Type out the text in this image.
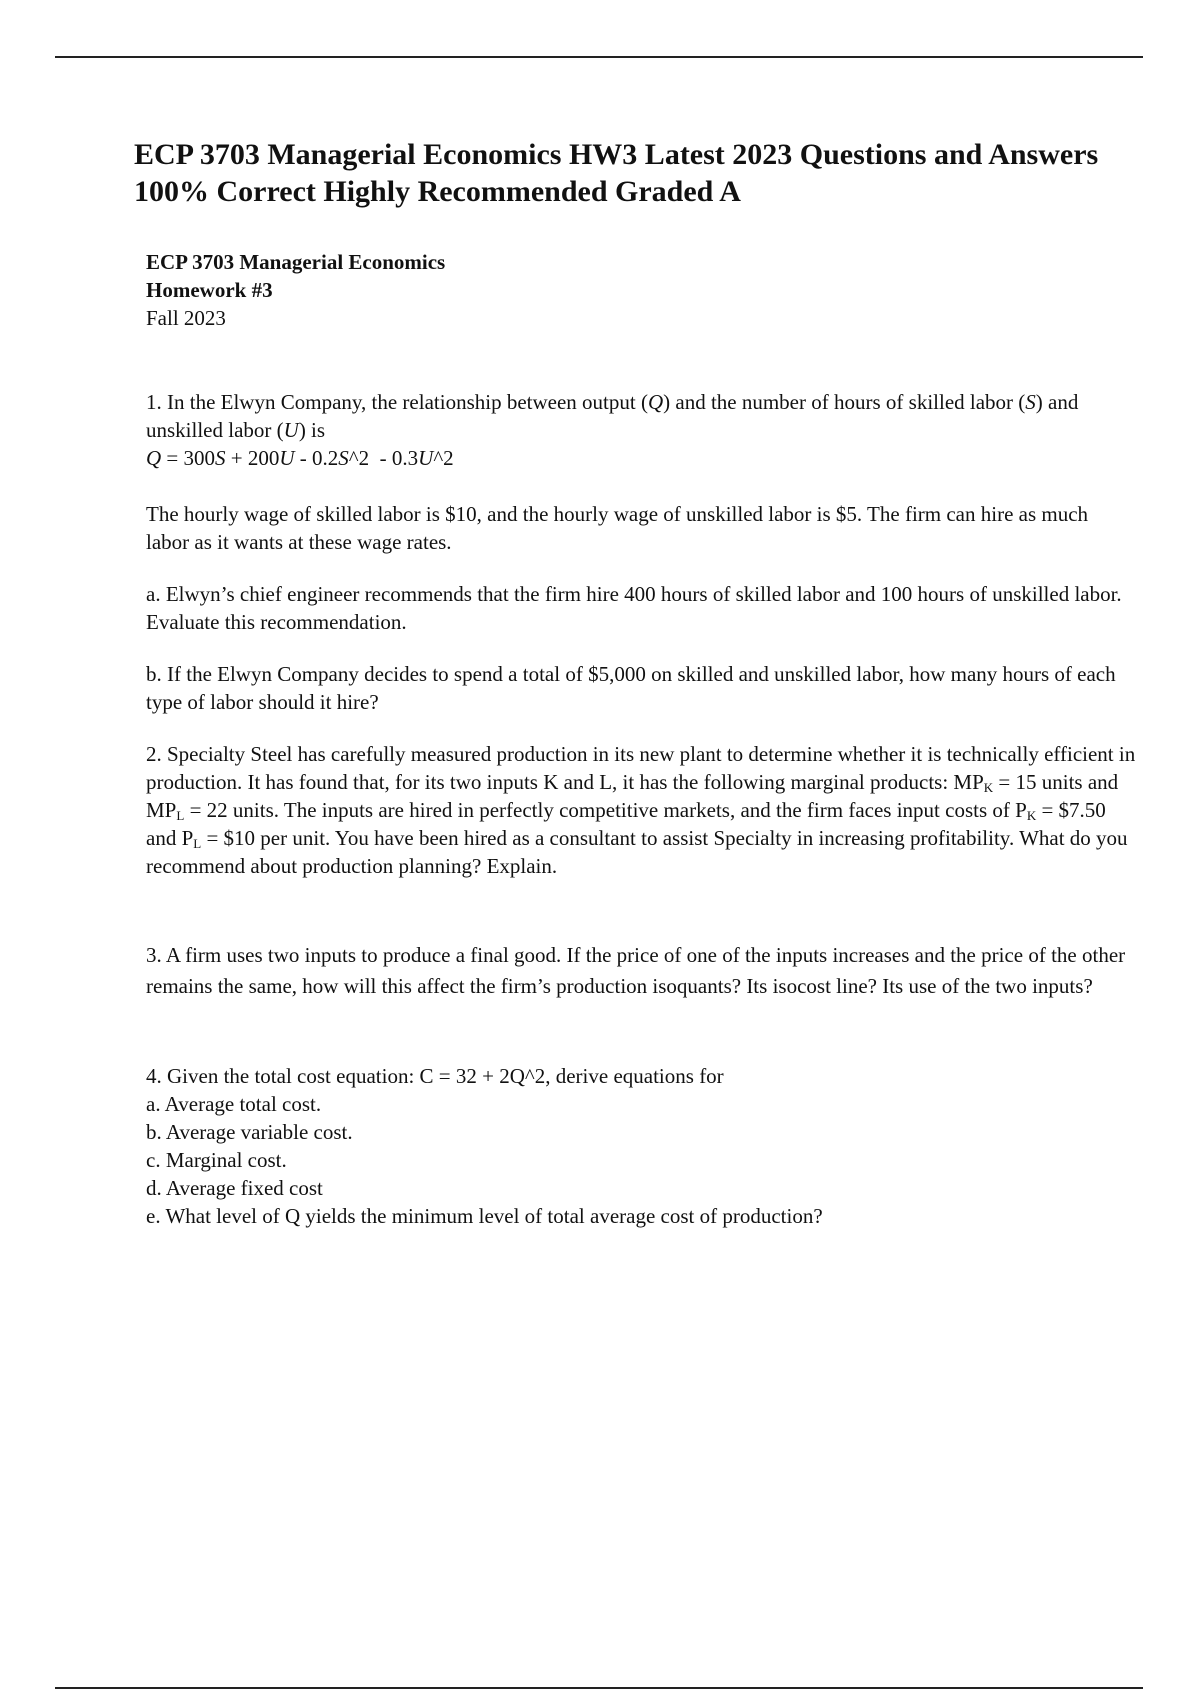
ECP 3703 Managerial Economics HW3 Latest 2023 Questions and Answers 100% Correct Highly Recommended Graded A
ECP 3703 Managerial Economics
Homework #3
Fall 2023

1. In the Elwyn Company, the relationship between output (Q) and the number of hours of skilled labor (S) and unskilled labor (U) is
Q = 300S + 200U - 0.2S^2  - 0.3U^2

The hourly wage of skilled labor is $10, and the hourly wage of unskilled labor is $5. The firm can hire as much labor as it wants at these wage rates.

a. Elwyn’s chief engineer recommends that the firm hire 400 hours of skilled labor and 100 hours of unskilled labor. Evaluate this recommendation.

b. If the Elwyn Company decides to spend a total of $5,000 on skilled and unskilled labor, how many hours of each type of labor should it hire?

2. Specialty Steel has carefully measured production in its new plant to determine whether it is technically efficient in production. It has found that, for its two inputs K and L, it has the following marginal products: $MP_K = 15$ units and $MP_L = 22$ units. The inputs are hired in perfectly competitive markets, and the firm faces input costs of $P_K$ = $7.50 and $P_L$ = $10 per unit. You have been hired as a consultant to assist Specialty in increasing profitability. What do you recommend about production planning? Explain.

3. A firm uses two inputs to produce a final good. If the price of one of the inputs increases and the price of the other remains the same, how will this affect the firm’s production isoquants? Its isocost line? Its use of the two inputs?

4. Given the total cost equation: C = 32 + 2Q^2, derive equations for
a. Average total cost.
b. Average variable cost.
c. Marginal cost.
d. Average fixed cost
e. What level of Q yields the minimum level of total average cost of production?
